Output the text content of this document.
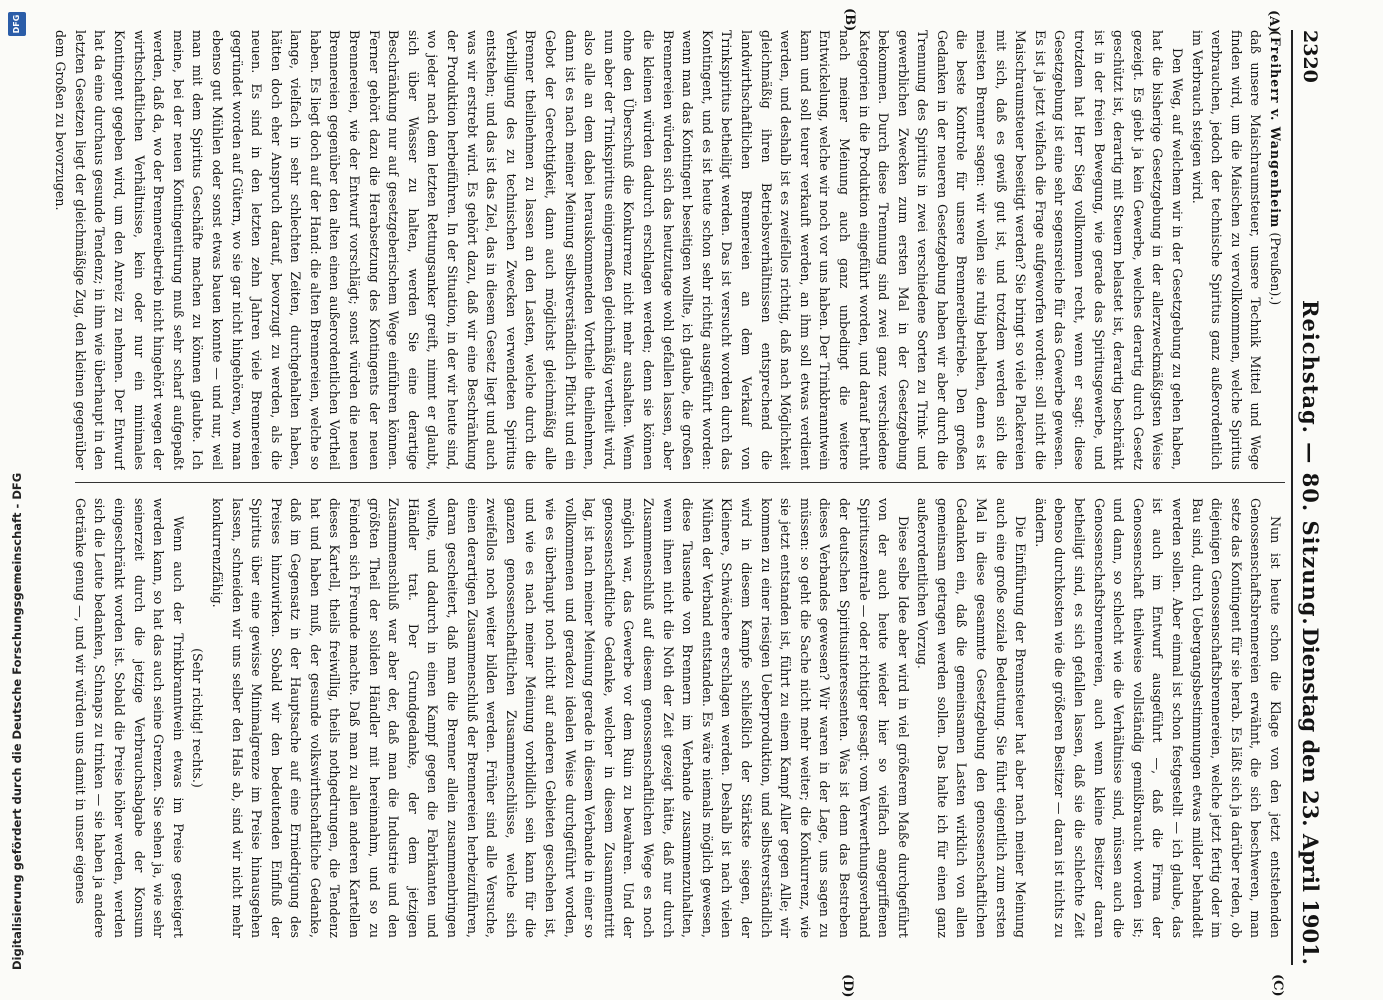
2320
Reichstag. — 80. Sitzung.
Dienstag den 23. April 1901.
(A)
(B)
(C)
(D)

(Freiherr v. Wangenheim (Preußen).)

daß unsere Maischraumsteuer, unsere Technik Mittel und Wege finden wird, um die Maischen zu vervollkommnen, welche Spiritus verbrauchen, jedoch der technische Spiritus ganz außerordentlich im Verbrauch steigen wird.

Den Weg, auf welchem wir in der Gesetzgebung zu gehen haben, hat die bisherige Gesetzgebung in der allerzweckmäßigsten Weise gezeigt. Es giebt ja kein Gewerbe, welches derartig durch Gesetz geschützt ist, derartig mit Steuern belastet ist, derartig beschränkt ist in der freien Bewegung, wie gerade das Spiritusgewerbe, und trotzdem hat Herr Sieg vollkommen recht, wenn er sagt: diese Gesetzgebung ist eine sehr segensreiche für das Gewerbe gewesen. Es ist ja jetzt vielfach die Frage aufgeworfen worden: soll nicht die Maischraumsteuer beseitigt werden? Sie bringt so viele Plackereien mit sich, daß es gewiß gut ist, und trotzdem werden sich die meisten Brenner sagen: wir wollen sie ruhig behalten, denn es ist die beste Kontrole für unsere Brennereibetriebe. Den großen Gedanken in der neueren Gesetzgebung haben wir aber durch die Trennung des Spiritus in zwei verschiedene Sorten zu Trink- und gewerblichen Zwecken zum ersten Mal in der Gesetzgebung bekommen. Durch diese Trennung sind zwei ganz verschiedene Kategorien in die Produktion eingeführt worden, und darauf beruht nach meiner Meinung auch ganz unbedingt die weitere Entwickelung, welche wir noch vor uns haben. Der Trinkbranntwein kann und soll teurer verkauft werden, an ihm soll etwas verdient werden, und deshalb ist es zweifellos richtig, daß nach Möglichkeit gleichmäßig ihren Betriebsverhältnissen entsprechend die landwirthschaftlichen Brennereien an dem Verkauf von Trinkspiritus betheiligt werden. Das ist versucht worden durch das Kontingent, und es ist heute schon sehr richtig ausgeführt worden: wenn man das Kontingent beseitigen wollte, ich glaube, die großen Brennereien würden sich das heutzutage wohl gefallen lassen, aber die kleinen würden dadurch erschlagen werden; denn sie können ohne den Überschuß die Konkurrenz nicht mehr aushalten. Wenn nun aber der Trinkspiritus einigermaßen gleichmäßig vertheilt wird, also alle an dem dabei herauskommenden Vortheile theilnehmen, dann ist es nach meiner Meinung selbstverständlich Pflicht und ein Gebot der Gerechtigkeit, dann auch möglichst gleichmäßig alle Brenner theilnehmen zu lassen an den Lasten, welche durch die Verbilligung des zu technischen Zwecken verwendeten Spiritus entstehen; und das ist das Ziel, das in diesem Gesetz liegt und auch was wir erstrebt wird. Es gehört dazu, daß wir eine Beschränkung der Produktion herbeiführen. In der Situation, in der wir heute sind, wo jeder nach dem letzten Rettungsanker greift, nimmt er glaubt, sich über Wasser zu halten, werden Sie eine derartige Beschränkung nur auf gesetzgeberischem Wege einführen können. Ferner gehört dazu die Herabsetzung des Kontingents der neuen Brennereien, wie der Entwurf vorschlägt; sonst würden die neuen Brennereien gegenüber den alten einen außerordentlichen Vortheil haben. Es liegt doch auf der Hand: die alten Brennereien, welche so lange, vielfach in sehr schlechten Zeiten, durchgehalten haben, hätten doch eher Anspruch darauf, bevorzugt zu werden, als die neuen. Es sind in den letzten zehn Jahren viele Brennereien gegründet worden auf Gütern, wo sie gar nicht hingehören, wo man ebenso gut Mühlen oder sonst etwas bauen konnte — und nur, weil man mit dem Spiritus Geschäfte machen zu können glaubte. Ich meine, bei der neuen Kontingentirung muß sehr scharf aufgepaßt werden, daß da, wo der Brennereibetrieb nicht hingehört wegen der wirthschaftlichen Verhältnisse, kein oder nur ein minimales Kontingent gegeben wird, um den Anreiz zu nehmen. Der Entwurf hat da eine durchaus gesunde Tendenz; in ihm wie überhaupt in den letzten Gesetzen liegt der gleichmäßige Zug, den kleinen gegenüber dem Großen zu bevorzugen.

Nun ist heute schon die Klage von den jetzt entstehenden Genossenschaftsbrennereien erwähnt, die sich beschweren, man setze das Kontingent für sie herab. Es läßt sich ja darüber reden, ob diejenigen Genossenschaftsbrennereien, welche jetzt fertig oder im Bau sind, durch Uebergangsbestimmungen etwas milder behandelt werden sollen. Aber einmal ist schon festgestellt — ich glaube, das ist auch im Entwurf ausgeführt —, daß die Firma der Genossenschaft theilweise vollständig gemißbraucht worden ist; und dann, so schlecht wie die Verhältnisse sind, müssen auch die Genossenschaftsbrennereien, auch wenn kleine Besitzer daran betheiligt sind, es sich gefallen lassen, daß sie die schlechte Zeit ebenso durchkosten wie die größeren Besitzer — daran ist nichts zu ändern.

Die Einführung der Brennsteuer hat aber nach meiner Meinung auch eine große soziale Bedeutung. Sie führt eigentlich zum ersten Mal in diese gesammte Gesetzgebung den genossenschaftlichen Gedanken ein, daß die gemeinsamen Lasten wirklich von allen gemeinsam getragen werden sollen. Das halte ich für einen ganz außerordentlichen Vorzug.

Diese selbe Idee aber wird in viel größerem Maße durchgeführt von der auch heute wieder hier so vielfach angegriffenen Spirituszentrale — oder richtiger gesagt: vom Verwerthungsverband der deutschen Spiritusinteressenten. Was ist denn das Bestreben dieses Verbandes gewesen? Wir waren in der Lage, uns sagen zu müssen: so geht die Sache nicht mehr weiter; die Konkurrenz, wie sie jetzt entstanden ist, führt zu einem Kampf Aller gegen Alle; wir kommen zu einer riesigen Ueberproduktion, und selbstverständlich wird in diesem Kampfe schließlich der Stärkste siegen, der Kleinere, Schwächere erschlagen werden. Deshalb ist nach vielen Mühen der Verband entstanden. Es wäre niemals möglich gewesen, diese Tausende von Brennern im Verbande zusammenzuhalten, wenn ihnen nicht die Noth der Zeit gezeigt hätte, daß nur durch Zusammenschluß auf diesem genossenschaftlichen Wege es noch möglich war, das Gewerbe vor dem Ruin zu bewahren. Und der genossenschaftliche Gedanke, welcher in diesem Zusammentritt lag, ist nach meiner Meinung gerade in diesem Verbande in einer so vollkommenen und geradezu idealen Weise durchgeführt worden, wie es überhaupt noch nicht auf anderen Gebieten geschehen ist, und wie es nach meiner Meinung vorbildlich sein kann für die ganzen genossenschaftlichen Zusammenschlüsse, welche sich zweifellos noch weiter bilden werden. Früher sind alle Versuche, einen derartigen Zusammenschluß der Brennereien herbeizuführen, daran gescheitert, daß man die Brenner allein zusammenbringen wollte, und dadurch in einen Kampf gegen die Fabrikanten und Händler trat. Der Grundgedanke, der dem jetzigen Zusammenschluß war aber der, daß man die Industrie und den größten Theil der soliden Händler mit hereinnahm, und so zu Feinden sich Freunde machte. Daß man zu allen anderen Kartellen dieses Kartell, theils freiwillig, theils nothgedrungen, die Tendenz hat und haben muß, der gesunde volkswirthschaftliche Gedanke, daß im Gegensatz in der Hauptsache auf eine Erniedrigung des Preises hinzuwirken. Sobald wir den bedeutenden Einfluß der Spiritus über eine gewisse Minimalgrenze im Preise hinausgehen lassen, schneiden wir uns selber den Hals ab, sind wir nicht mehr konkurrenzfähig.

(Sehr richtig! rechts.)

Wenn auch der Trinkbranntwein etwas im Preise gesteigert werden kann, so hat das auch seine Grenzen. Sie sehen ja, wie sehr seinerzeit durch die jetzige Verbrauchsabgabe der Konsum eingeschränkt worden ist. Sobald die Preise höher werden, werden sich die Leute bedanken, Schnaps zu trinken — sie haben ja andere Getränke genug —, und wir würden uns damit in unser eigenes

Digitalisierung gefördert durch die Deutsche Forschungsgemeinschaft - DFG
DFG
